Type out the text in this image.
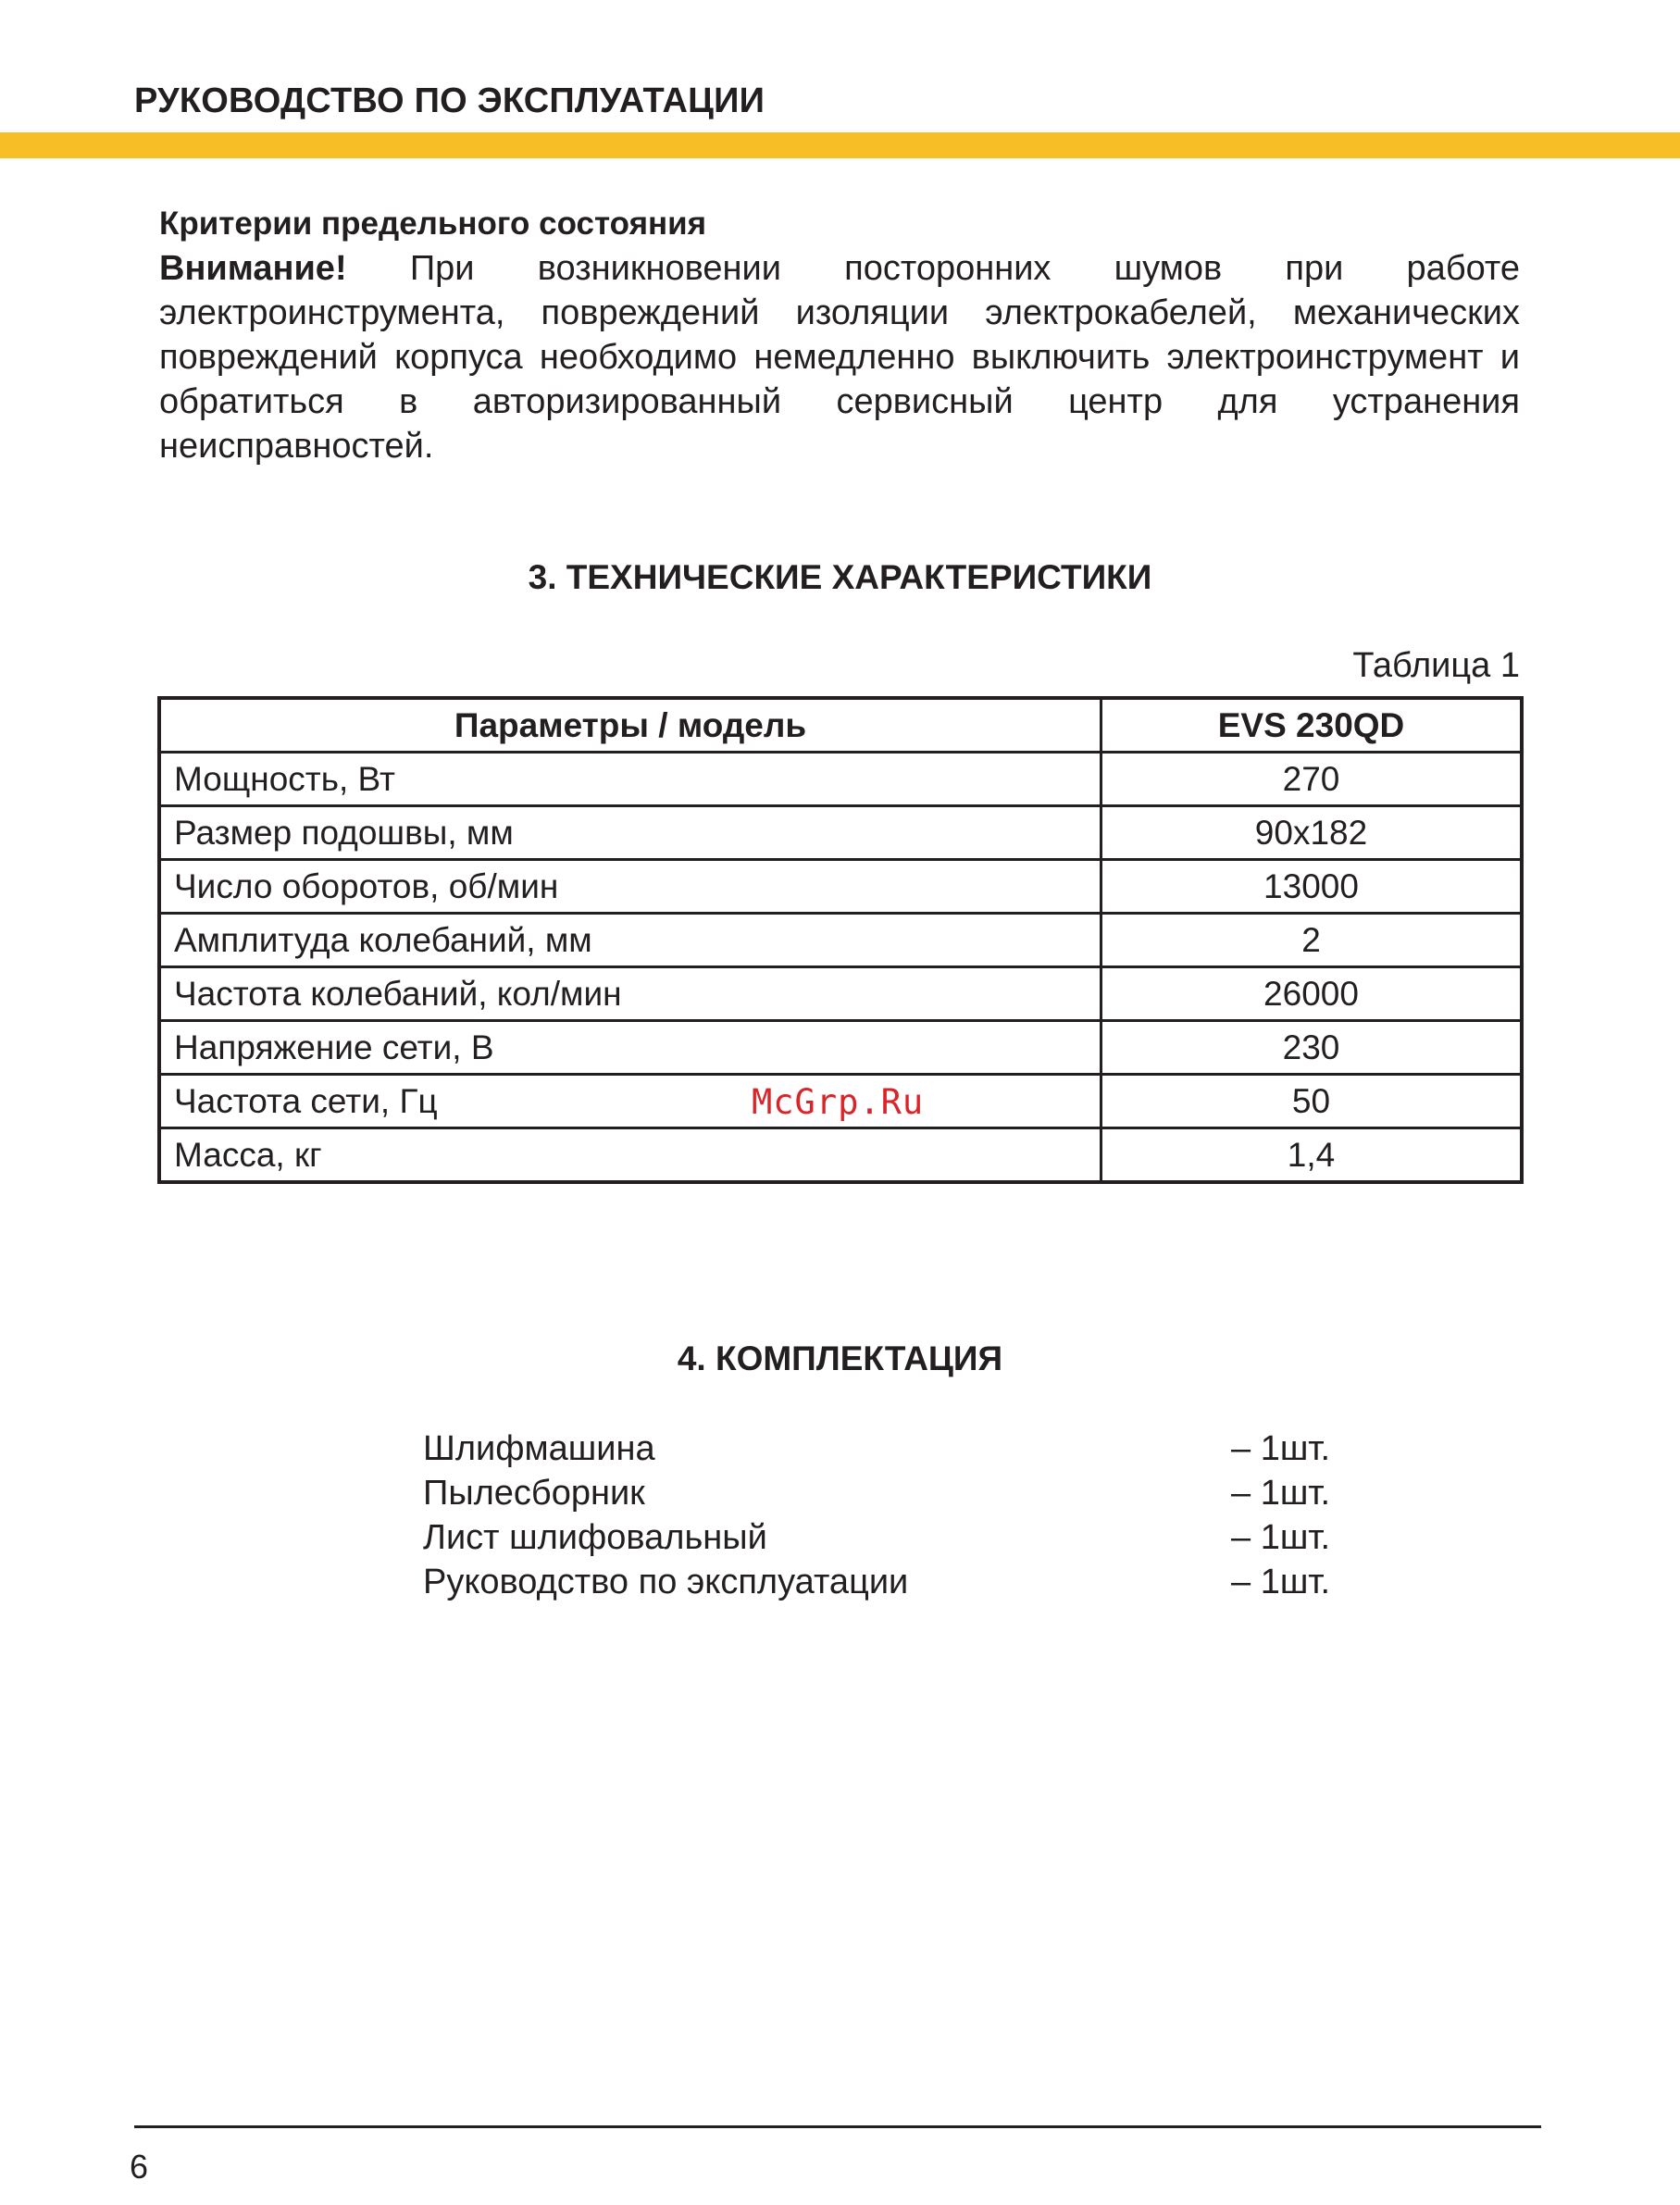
РУКОВОДСТВО ПО ЭКСПЛУАТАЦИИ
Критерии предельного состояния
Внимание! При возникновении посторонних шумов при работе электроинструмента, повреждений изоляции электрокабелей, механических повреждений корпуса необходимо немедленно выключить электроинструмент и обратиться в авторизированный сервисный центр для устранения неисправностей.
3. ТЕХНИЧЕСКИЕ ХАРАКТЕРИСТИКИ
Таблица 1
Параметры / модель	EVS 230QD
Мощность, Вт	270
Размер подошвы, мм	90x182
Число оборотов, об/мин	13000
Амплитуда колебаний, мм	2
Частота колебаний, кол/мин	26000
Напряжение сети, В	230
Частота сети, Гц	50
Масса, кг	1,4
McGrp.Ru
4. КОМПЛЕКТАЦИЯ
Шлифмашина	– 1шт.
Пылесборник	– 1шт.
Лист шлифовальный	– 1шт.
Руководство по эксплуатации	– 1шт.
6
